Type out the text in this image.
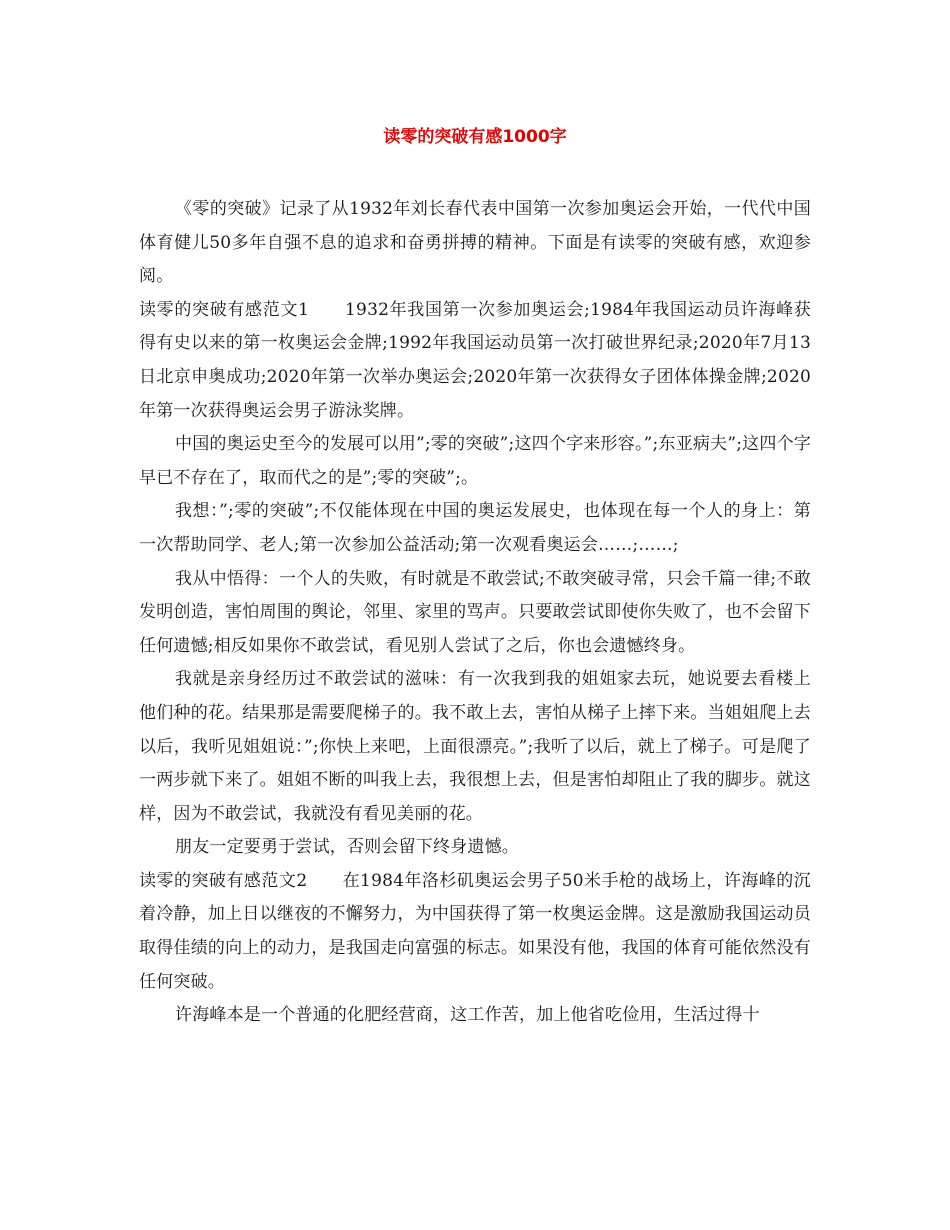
读零的突破有感1000字

《零的突破》记录了从1932年刘长春代表中国第一次参加奥运会开始，一代代中国体育健儿50多年自强不息的追求和奋勇拼搏的精神。下面是有读零的突破有感，欢迎参阅。

读零的突破有感范文1　　1932年我国第一次参加奥运会;1984年我国运动员许海峰获得有史以来的第一枚奥运会金牌;1992年我国运动员第一次打破世界纪录;2020年7月13日北京申奥成功;2020年第一次举办奥运会;2020年第一次获得女子团体体操金牌;2020年第一次获得奥运会男子游泳奖牌。

中国的奥运史至今的发展可以用”;零的突破”;这四个字来形容。”;东亚病夫”;这四个字早已不存在了，取而代之的是”;零的突破”;。

我想：”;零的突破”;不仅能体现在中国的奥运发展史，也体现在每一个人的身上：第一次帮助同学、老人;第一次参加公益活动;第一次观看奥运会……;……;

我从中悟得：一个人的失败，有时就是不敢尝试;不敢突破寻常，只会千篇一律;不敢发明创造，害怕周围的舆论，邻里、家里的骂声。只要敢尝试即使你失败了，也不会留下任何遗憾;相反如果你不敢尝试，看见别人尝试了之后，你也会遗憾终身。

我就是亲身经历过不敢尝试的滋味：有一次我到我的姐姐家去玩，她说要去看楼上他们种的花。结果那是需要爬梯子的。我不敢上去，害怕从梯子上摔下来。当姐姐爬上去以后，我听见姐姐说：”;你快上来吧，上面很漂亮。”;我听了以后，就上了梯子。可是爬了一两步就下来了。姐姐不断的叫我上去，我很想上去，但是害怕却阻止了我的脚步。就这样，因为不敢尝试，我就没有看见美丽的花。

朋友一定要勇于尝试，否则会留下终身遗憾。

读零的突破有感范文2　　在1984年洛杉矶奥运会男子50米手枪的战场上，许海峰的沉着冷静，加上日以继夜的不懈努力，为中国获得了第一枚奥运金牌。这是激励我国运动员取得佳绩的向上的动力，是我国走向富强的标志。如果没有他，我国的体育可能依然没有任何突破。

许海峰本是一个普通的化肥经营商，这工作苦，加上他省吃俭用，生活过得十
